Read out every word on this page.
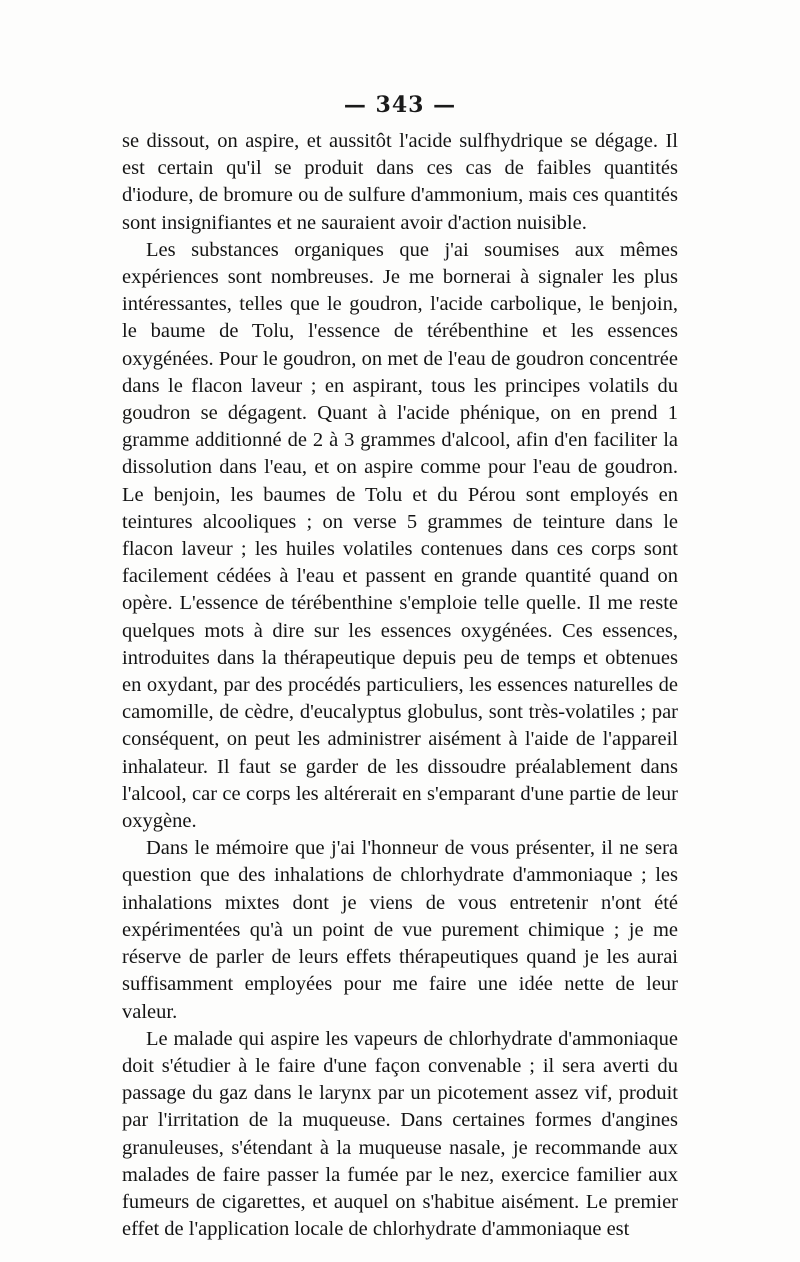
— 343 —

se dissout, on aspire, et aussitôt l'acide sulfhydrique se dégage. Il est certain qu'il se produit dans ces cas de faibles quantités d'iodure, de bromure ou de sulfure d'ammonium, mais ces quantités sont insignifiantes et ne sauraient avoir d'action nuisible.

Les substances organiques que j'ai soumises aux mêmes expériences sont nombreuses. Je me bornerai à signaler les plus intéressantes, telles que le goudron, l'acide carbolique, le benjoin, le baume de Tolu, l'essence de térébenthine et les essences oxygénées. Pour le goudron, on met de l'eau de goudron concentrée dans le flacon laveur ; en aspirant, tous les principes volatils du goudron se dégagent. Quant à l'acide phénique, on en prend 1 gramme additionné de 2 à 3 grammes d'alcool, afin d'en faciliter la dissolution dans l'eau, et on aspire comme pour l'eau de goudron. Le benjoin, les baumes de Tolu et du Pérou sont employés en teintures alcooliques ; on verse 5 grammes de teinture dans le flacon laveur ; les huiles volatiles contenues dans ces corps sont facilement cédées à l'eau et passent en grande quantité quand on opère. L'essence de térébenthine s'emploie telle quelle. Il me reste quelques mots à dire sur les essences oxygénées. Ces essences, introduites dans la thérapeutique depuis peu de temps et obtenues en oxydant, par des procédés particuliers, les essences naturelles de camomille, de cèdre, d'eucalyptus globulus, sont très-volatiles ; par conséquent, on peut les administrer aisément à l'aide de l'appareil inhalateur. Il faut se garder de les dissoudre préalablement dans l'alcool, car ce corps les altérerait en s'emparant d'une partie de leur oxygène.

Dans le mémoire que j'ai l'honneur de vous présenter, il ne sera question que des inhalations de chlorhydrate d'ammoniaque ; les inhalations mixtes dont je viens de vous entretenir n'ont été expérimentées qu'à un point de vue purement chimique ; je me réserve de parler de leurs effets thérapeutiques quand je les aurai suffisamment employées pour me faire une idée nette de leur valeur.

Le malade qui aspire les vapeurs de chlorhydrate d'ammoniaque doit s'étudier à le faire d'une façon convenable ; il sera averti du passage du gaz dans le larynx par un picotement assez vif, produit par l'irritation de la muqueuse. Dans certaines formes d'angines granuleuses, s'étendant à la muqueuse nasale, je recommande aux malades de faire passer la fumée par le nez, exercice familier aux fumeurs de cigarettes, et auquel on s'habitue aisément. Le premier effet de l'application locale de chlorhydrate d'ammoniaque est
